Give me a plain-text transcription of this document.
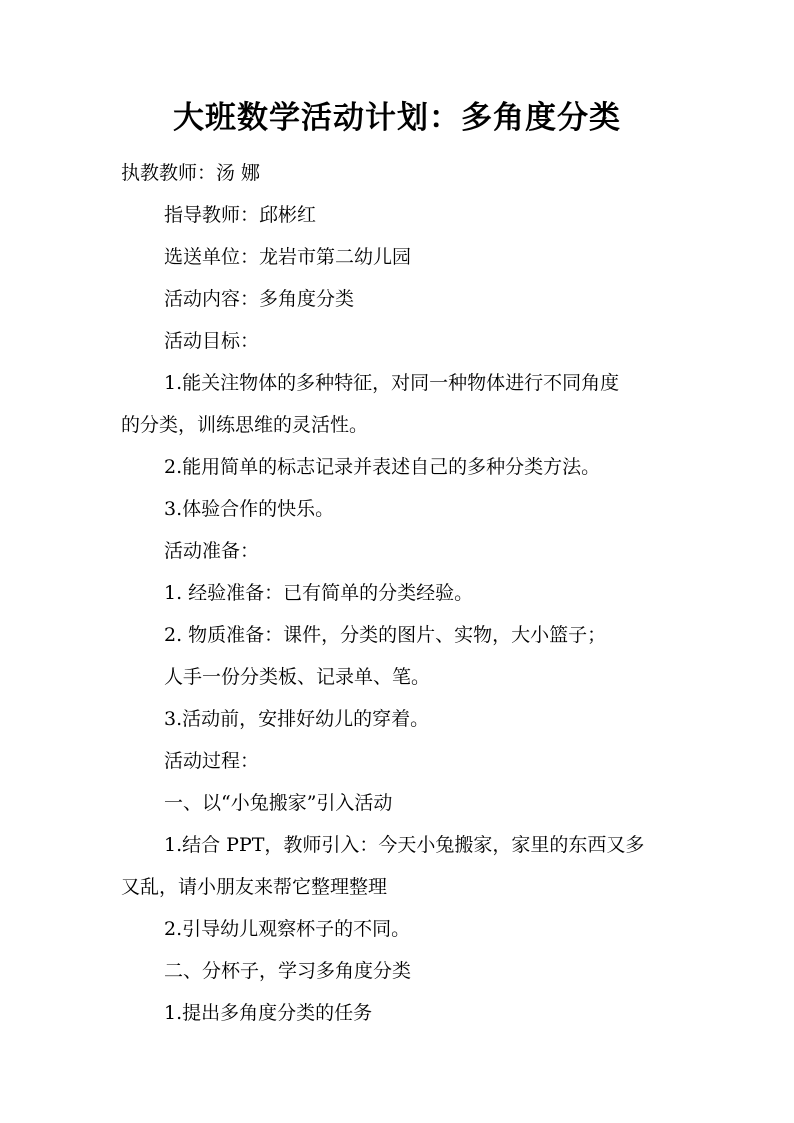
大班数学活动计划：多角度分类
执教教师：汤 娜
指导教师：邱彬红
选送单位：龙岩市第二幼儿园
活动内容：多角度分类
活动目标：
1.能关注物体的多种特征，对同一种物体进行不同角度
的分类，训练思维的灵活性。
2.能用简单的标志记录并表述自己的多种分类方法。
3.体验合作的快乐。
活动准备：
1. 经验准备：已有简单的分类经验。
2. 物质准备：课件，分类的图片、实物，大小篮子；
人手一份分类板、记录单、笔。
3.活动前，安排好幼儿的穿着。
活动过程：
一、以“小兔搬家”引入活动
1.结合 PPT，教师引入：今天小兔搬家，家里的东西又多
又乱，请小朋友来帮它整理整理
2.引导幼儿观察杯子的不同。
二、分杯子，学习多角度分类
1.提出多角度分类的任务
